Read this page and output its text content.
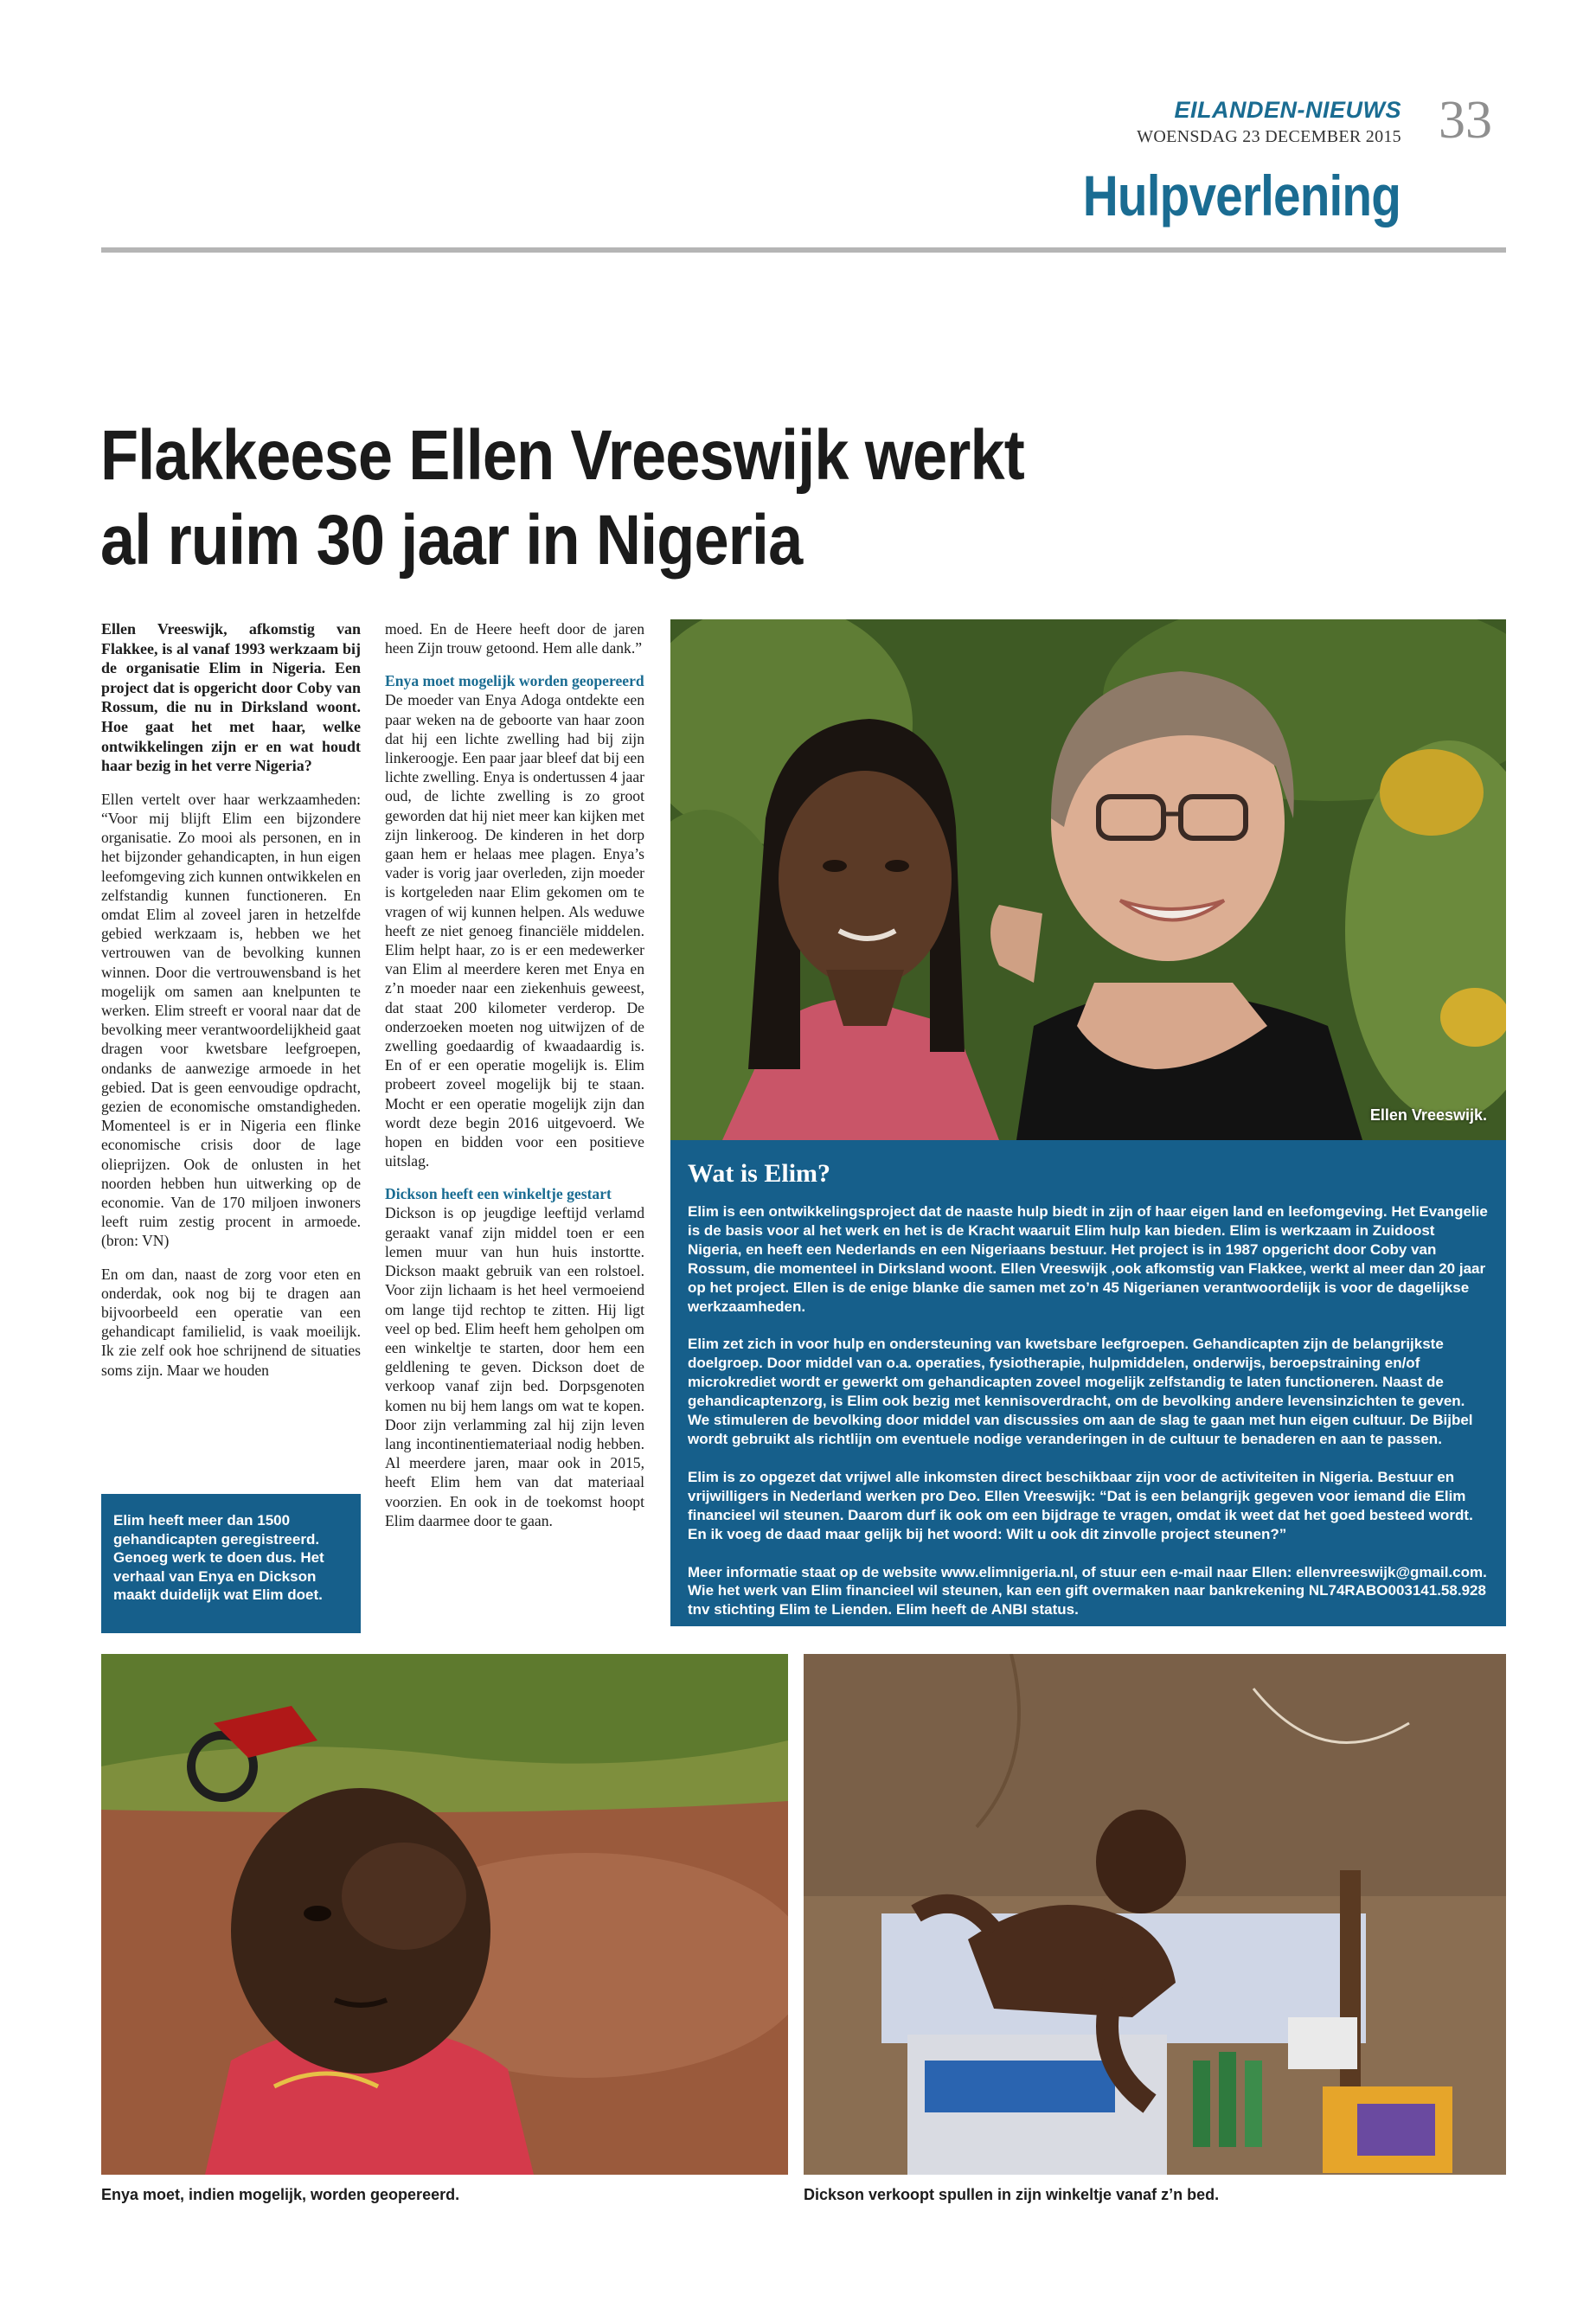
EILANDEN-NIEUWS
WOENSDAG 23 DECEMBER 2015 33
Hulpverlening
Flakkeese Ellen Vreeswijk werkt
al ruim 30 jaar in Nigeria

Ellen Vreeswijk, afkomstig van Flakkee, is al vanaf 1993 werkzaam bij de organisatie Elim in Nigeria. Een project dat is opgericht door Coby van Rossum, die nu in Dirksland woont. Hoe gaat het met haar, welke ontwikkelingen zijn er en wat houdt haar bezig in het verre Nigeria?

Ellen vertelt over haar werkzaamheden: “Voor mij blijft Elim een bijzondere organisatie. Zo mooi als personen, en in het bijzonder gehandicapten, in hun eigen leefomgeving zich kunnen ontwikkelen en zelfstandig kunnen functioneren. En omdat Elim al zoveel jaren in hetzelfde gebied werkzaam is, hebben we het vertrouwen van de bevolking kunnen winnen. Door die vertrouwensband is het mogelijk om samen aan knelpunten te werken. Elim streeft er vooral naar dat de bevolking meer verantwoordelijkheid gaat dragen voor kwetsbare leefgroepen, ondanks de aanwezige armoede in het gebied. Dat is geen eenvoudige opdracht, gezien de economische omstandigheden. Momenteel is er in Nigeria een flinke economische crisis door de lage olieprijzen. Ook de onlusten in het noorden hebben hun uitwerking op de economie. Van de 170 miljoen inwoners leeft ruim zestig procent in armoede. (bron: VN)

En om dan, naast de zorg voor eten en onderdak, ook nog bij te dragen aan bijvoorbeeld een operatie van een gehandicapt familielid, is vaak moeilijk. Ik zie zelf ook hoe schrijnend de situaties soms zijn. Maar we houden

Elim heeft meer dan 1500 gehandicapten geregistreerd. Genoeg werk te doen dus. Het verhaal van Enya en Dickson maakt duidelijk wat Elim doet.

moed. En de Heere heeft door de jaren heen Zijn trouw getoond. Hem alle dank.”

Enya moet mogelijk worden geopereerd

De moeder van Enya Adoga ontdekte een paar weken na de geboorte van haar zoon dat hij een lichte zwelling had bij zijn linkeroogje. Een paar jaar bleef dat bij een lichte zwelling. Enya is ondertussen 4 jaar oud, de lichte zwelling is zo groot geworden dat hij niet meer kan kijken met zijn linkeroog. De kinderen in het dorp gaan hem er helaas mee plagen. Enya’s vader is vorig jaar overleden, zijn moeder is kortgeleden naar Elim gekomen om te vragen of wij kunnen helpen. Als weduwe heeft ze niet genoeg financiële middelen. Elim helpt haar, zo is er een medewerker van Elim al meerdere keren met Enya en z’n moeder naar een ziekenhuis geweest, dat staat 200 kilometer verderop. De onderzoeken moeten nog uitwijzen of de zwelling goedaardig of kwaadaardig is. En of er een operatie mogelijk is. Elim probeert zoveel mogelijk bij te staan. Mocht er een operatie mogelijk zijn dan wordt deze begin 2016 uitgevoerd. We hopen en bidden voor een positieve uitslag.

Dickson heeft een winkeltje gestart

Dickson is op jeugdige leeftijd verlamd geraakt vanaf zijn middel toen er een lemen muur van hun huis instortte. Dickson maakt gebruik van een rolstoel. Voor zijn lichaam is het heel vermoeiend om lange tijd rechtop te zitten. Hij ligt veel op bed. Elim heeft hem geholpen om een winkeltje te starten, door hem een geldlening te geven. Dickson doet de verkoop vanaf zijn bed. Dorpsgenoten komen nu bij hem langs om wat te kopen. Door zijn verlamming zal hij zijn leven lang incontinentiemateriaal nodig hebben. Al meerdere jaren, maar ook in 2015, heeft Elim hem van dat materiaal voorzien. En ook in de toekomst hoopt Elim daarmee door te gaan.

Ellen Vreeswijk.
Wat is Elim?

Elim is een ontwikkelingsproject dat de naaste hulp biedt in zijn of haar eigen land en leefomgeving. Het Evangelie is de basis voor al het werk en het is de Kracht waaruit Elim hulp kan bieden. Elim is werkzaam in Zuidoost Nigeria, en heeft een Nederlands en een Nigeriaans bestuur. Het project is in 1987 opgericht door Coby van Rossum, die momenteel in Dirksland woont. Ellen Vreeswijk ,ook afkomstig van Flakkee, werkt al meer dan 20 jaar op het project. Ellen is de enige blanke die samen met zo’n 45 Nigerianen verantwoordelijk is voor de dagelijkse werkzaamheden.

Elim zet zich in voor hulp en ondersteuning van kwetsbare leefgroepen. Gehandicapten zijn de belangrijkste doelgroep. Door middel van o.a. operaties, fysiotherapie, hulpmiddelen, onderwijs, beroepstraining en/of microkrediet wordt er gewerkt om gehandicapten zoveel mogelijk zelfstandig te laten functioneren. Naast de gehandicaptenzorg, is Elim ook bezig met kennisoverdracht, om de bevolking andere levensinzichten te geven. We stimuleren de bevolking door middel van discussies om aan de slag te gaan met hun eigen cultuur. De Bijbel wordt gebruikt als richtlijn om eventuele nodige veranderingen in de cultuur te benaderen en aan te passen.

Elim is zo opgezet dat vrijwel alle inkomsten direct beschikbaar zijn voor de activiteiten in Nigeria. Bestuur en vrijwilligers in Nederland werken pro Deo. Ellen Vreeswijk: “Dat is een belangrijk gegeven voor iemand die Elim financieel wil steunen. Daarom durf ik ook om een bijdrage te vragen, omdat ik weet dat het goed besteed wordt. En ik voeg de daad maar gelijk bij het woord: Wilt u ook dit zinvolle project steunen?”

Meer informatie staat op de website www.elimnigeria.nl, of stuur een e-mail naar Ellen: ellenvreeswijk@gmail.com. Wie het werk van Elim financieel wil steunen, kan een gift overmaken naar bankrekening NL74RABO003141.58.928 tnv stichting Elim te Lienden. Elim heeft de ANBI status.

Enya moet, indien mogelijk, worden geopereerd.	Dickson verkoopt spullen in zijn winkeltje vanaf z’n bed.
